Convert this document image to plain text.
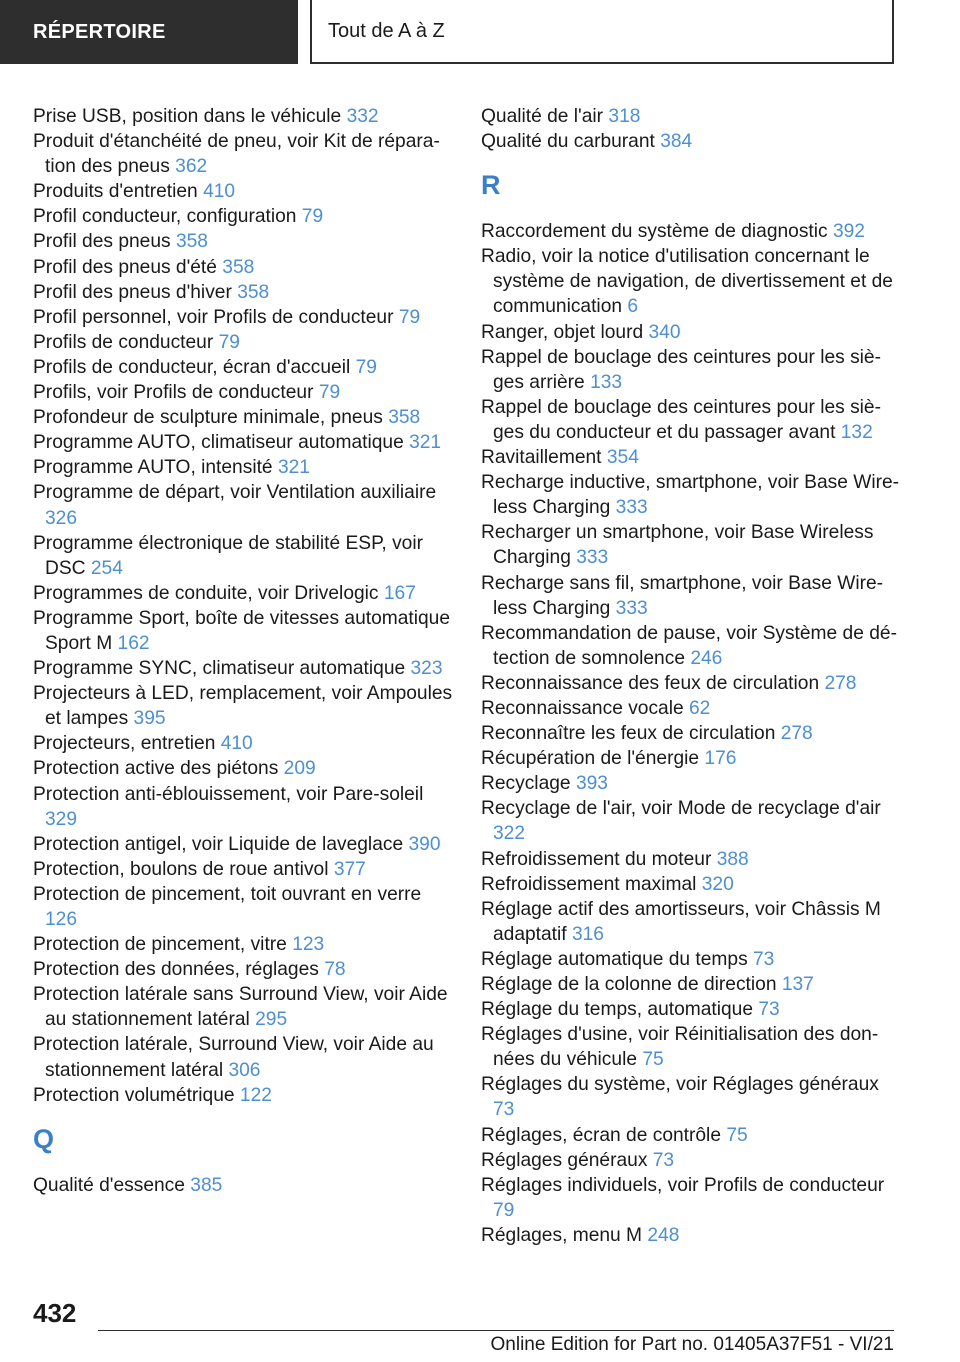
RÉPERTOIRE	Tout de A à Z

Prise USB, position dans le véhicule 332

Produit d'étanchéité de pneu, voir Kit de réparation des pneus 362

Produits d'entretien 410

Profil conducteur, configuration 79

Profil des pneus 358

Profil des pneus d'été 358

Profil des pneus d'hiver 358

Profil personnel, voir Profils de conducteur 79

Profils de conducteur 79

Profils de conducteur, écran d'accueil 79

Profils, voir Profils de conducteur 79

Profondeur de sculpture minimale, pneus 358

Programme AUTO, climatiseur automatique 321

Programme AUTO, intensité 321

Programme de départ, voir Ventilation auxiliaire 326

Programme électronique de stabilité ESP, voir DSC 254

Programmes de conduite, voir Drivelogic 167

Programme Sport, boîte de vitesses automatique Sport M 162

Programme SYNC, climatiseur automatique 323

Projecteurs à LED, remplacement, voir Ampoules et lampes 395

Projecteurs, entretien 410

Protection active des piétons 209

Protection anti-éblouissement, voir Pare-soleil 329

Protection antigel, voir Liquide de laveglace 390

Protection, boulons de roue antivol 377

Protection de pincement, toit ouvrant en verre 126

Protection de pincement, vitre 123

Protection des données, réglages 78

Protection latérale sans Surround View, voir Aide au stationnement latéral 295

Protection latérale, Surround View, voir Aide au stationnement latéral 306

Protection volumétrique 122

Q

Qualité d'essence 385

Qualité de l'air 318

Qualité du carburant 384

R

Raccordement du système de diagnostic 392

Radio, voir la notice d'utilisation concernant le système de navigation, de divertissement et de communication 6

Ranger, objet lourd 340

Rappel de bouclage des ceintures pour les sièges arrière 133

Rappel de bouclage des ceintures pour les sièges du conducteur et du passager avant 132

Ravitaillement 354

Recharge inductive, smartphone, voir Base Wireless Charging 333

Recharger un smartphone, voir Base Wireless Charging 333

Recharge sans fil, smartphone, voir Base Wireless Charging 333

Recommandation de pause, voir Système de détection de somnolence 246

Reconnaissance des feux de circulation 278

Reconnaissance vocale 62

Reconnaître les feux de circulation 278

Récupération de l'énergie 176

Recyclage 393

Recyclage de l'air, voir Mode de recyclage d'air 322

Refroidissement du moteur 388

Refroidissement maximal 320

Réglage actif des amortisseurs, voir Châssis M adaptatif 316

Réglage automatique du temps 73

Réglage de la colonne de direction 137

Réglage du temps, automatique 73

Réglages d'usine, voir Réinitialisation des données du véhicule 75

Réglages du système, voir Réglages généraux 73

Réglages, écran de contrôle 75

Réglages généraux 73

Réglages individuels, voir Profils de conducteur 79

Réglages, menu M 248

432
Online Edition for Part no. 01405A37F51 - VI/21
